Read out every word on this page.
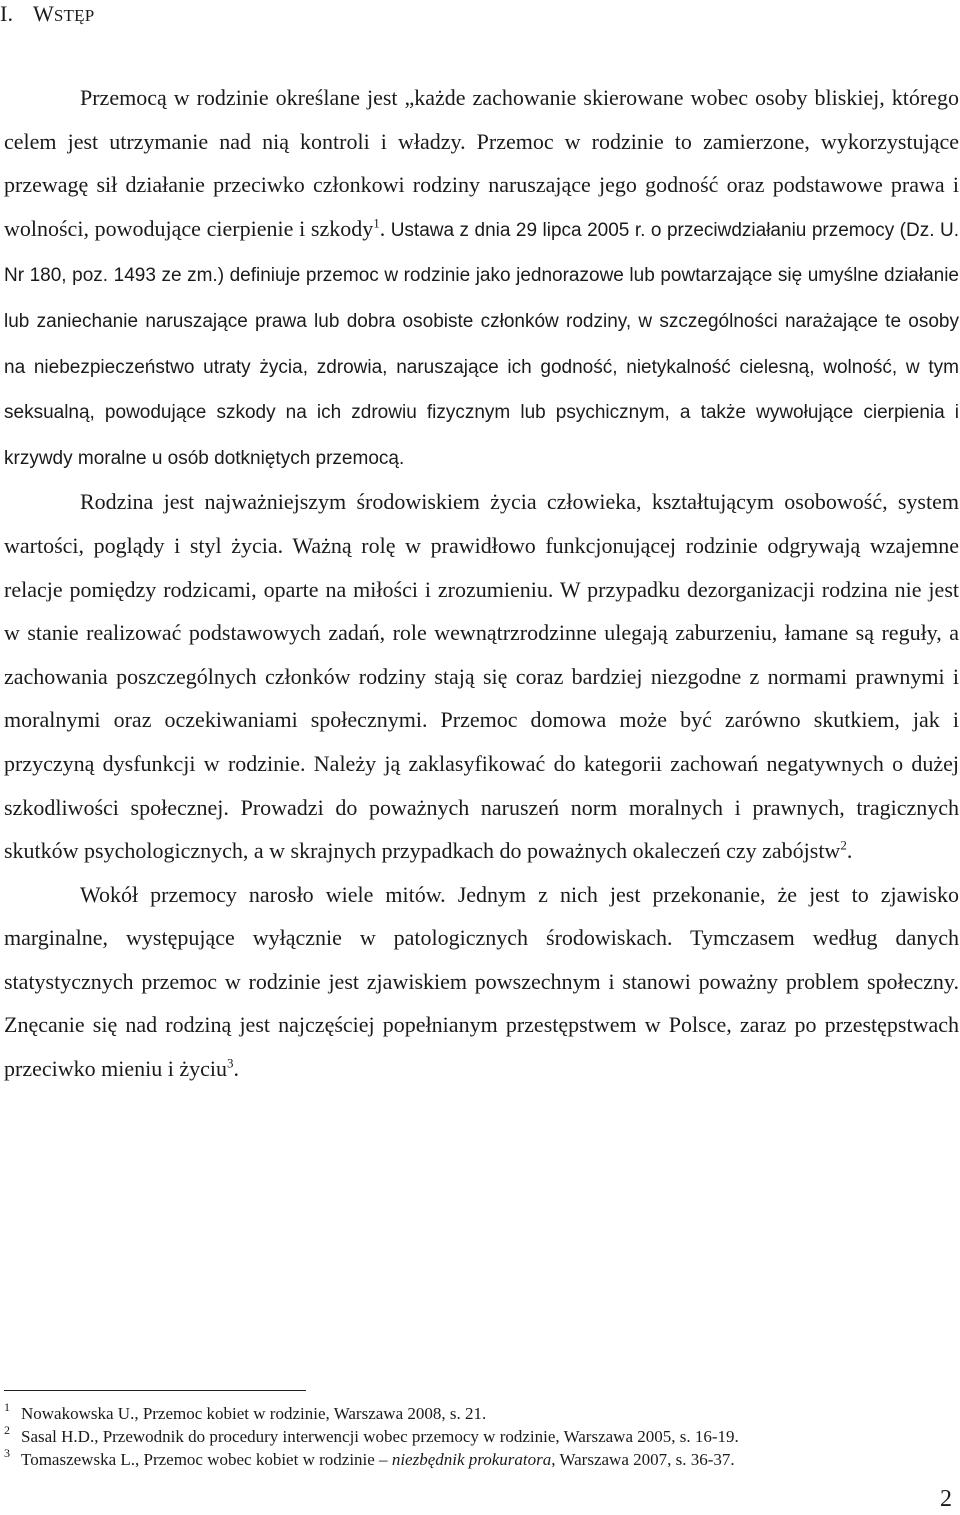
I. WSTĘP

Przemocą w rodzinie określane jest „każde zachowanie skierowane wobec osoby bliskiej, którego celem jest utrzymanie nad nią kontroli i władzy. Przemoc w rodzinie to zamierzone, wykorzystujące przewagę sił działanie przeciwko członkowi rodziny naruszające jego godność oraz podstawowe prawa i wolności, powodujące cierpienie i szkody$^1$. Ustawa z dnia 29 lipca 2005 r. o przeciwdziałaniu przemocy (Dz. U. Nr 180, poz. 1493 ze zm.) definiuje przemoc w rodzinie jako jednorazowe lub powtarzające się umyślne działanie lub zaniechanie naruszające prawa lub dobra osobiste członków rodziny, w szczególności narażające te osoby na niebezpieczeństwo utraty życia, zdrowia, naruszające ich godność, nietykalność cielesną, wolność, w tym seksualną, powodujące szkody na ich zdrowiu fizycznym lub psychicznym, a także wywołujące cierpienia i krzywdy moralne u osób dotkniętych przemocą.

Rodzina jest najważniejszym środowiskiem życia człowieka, kształtującym osobowość, system wartości, poglądy i styl życia. Ważną rolę w prawidłowo funkcjonującej rodzinie odgrywają wzajemne relacje pomiędzy rodzicami, oparte na miłości i zrozumieniu. W przypadku dezorganizacji rodzina nie jest w stanie realizować podstawowych zadań, role wewnątrzrodzinne ulegają zaburzeniu, łamane są reguły, a zachowania poszczególnych członków rodziny stają się coraz bardziej niezgodne z normami prawnymi i moralnymi oraz oczekiwaniami społecznymi. Przemoc domowa może być zarówno skutkiem, jak i przyczyną dysfunkcji w rodzinie. Należy ją zaklasyfikować do kategorii zachowań negatywnych o dużej szkodliwości społecznej. Prowadzi do poważnych naruszeń norm moralnych i prawnych, tragicznych skutków psychologicznych, a w skrajnych przypadkach do poważnych okaleczeń czy zabójstw$^2$.

Wokół przemocy narosło wiele mitów. Jednym z nich jest przekonanie, że jest to zjawisko marginalne, występujące wyłącznie w patologicznych środowiskach. Tymczasem według danych statystycznych przemoc w rodzinie jest zjawiskiem powszechnym i stanowi poważny problem społeczny. Znęcanie się nad rodziną jest najczęściej popełnianym przestępstwem w Polsce, zaraz po przestępstwach przeciwko mieniu i życiu$^3$.

1 Nowakowska U., Przemoc kobiet w rodzinie, Warszawa 2008, s. 21.
2 Sasal H.D., Przewodnik do procedury interwencji wobec przemocy w rodzinie, Warszawa 2005, s. 16-19.
3 Tomaszewska L., Przemoc wobec kobiet w rodzinie – niezbędnik prokuratora, Warszawa 2007, s. 36-37.
2
